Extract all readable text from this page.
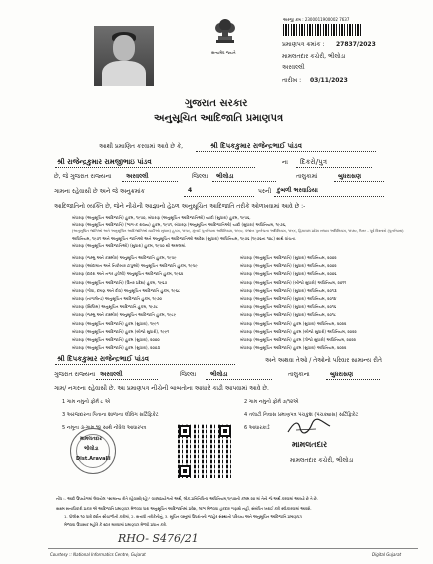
સત્યમેવ જયતે
અરજી ક્રમ : 2300011900002 7637
પ્રમાણપત્ર ક્રમાંક : 27837/2023
મામલતદાર કચેરી, ભીલોડા
અરવલ્લી
તારીખ : 03/11/2023
ગુજરાત સરકાર
અનુસૂચિત આદિજાતિ પ્રમાણપત્ર
આથી પ્રમાણિત કરવામાં આવે છે કે,	શ્રી દિપકકુમાર રાજેન્દ્રભાઈ પાંડવ
શ્રી રાજેન્દ્રકુમાર રામજીભાઇ પાંડવ	ના દિકરો/પુત્ર
છે, જે ગુજરાત રાજ્યના અરવલ્લી	જિલ્લા ભીલોડા	તાલુકામાં	બુધરાસણ
ગામના રહેવાસી છે અને જે અનુક્રમાંક	4	પરની દુબળી ભરવાડિયા
આદિજાતિનો વ્યક્તિ છે, જેને નીચેની આજ્ઞાનો હેઠળ અનુસૂચિત આદિજાતિ તરીકે ઓળખવામાં આવે છે :-
બંધારણ (અનુસૂચિત આદિજાતિ) હુકમ, ૧૯૫૦, બંધારણ (અનુસૂચિત આદિજાતિઓ) યાદી (સુધારા) હુકમ, ૧૯૫૬,
બંધારણ (અનુસૂચિત આદિજાતિ) (ભાગ-ક રાજ્ય) હુકમ, ૧૯૫૧, બંધારણ (અનુસૂચિત આદિજાતિઓ) યાદી (સુધારા) અધિનિયમ, ૧૯૭૬,
(અનુસૂચિત જાતિઓ અને અનુસૂચિત આદિજાતિઓ યાદીઓ સુધારા) હુકમ, ૧૯૫૬, મુંબઈ પુનર્રચના અધિનિયમ, ૧૯૬૦, પંજાબ પુનર્રચના અધિનિયમ, ૧૯૬૬, હિમાચલ પ્રદેશ રાજ્ય અધિનિયમ, ૧૯૭૦, ઉત્તર - પૂર્વ વિસ્તારો (પુનર્રચના)
અધિનિયમ, ૧૯૭૧ અને અનુસૂચિત જાતિઓ અને અનુસૂચિત આદિજાતિઓ આદેશ (સુધારા) અધિનિયમ, ૧૯૭૬ (૧૯૭૬ના ૧૦૮) સાથે વાંચતા.
બંધારણ (અનુસૂચિત આદિજાતિઓ) (સુધારા) હુકમ, ૧૯૫૦ થી અમલમાં.
બંધારણ (જમ્મુ અને કાશ્મીર) અનુસૂચિત આદિજાતિ હુકમ, ૧૯૫૯
બંધારણ (આંદામાન અને નિકોબાર ટાપુઓ) અનુસૂચિત આદિજાતિ હુકમ, ૧૯૫૯
બંધારણ (દાદરા અને નગર હવેલી) અનુસૂચિત આદિજાતિ હુકમ, ૧૯૬૨
બંધારણ (અનુસૂચિત આદિજાતિ) (ઉત્તર પ્રદેશ) હુકમ, ૧૯૬૭
બંધારણ (ગોવા, દમણ અને દીવ) અનુસૂચિત આદિજાતિ હુકમ, ૧૯૬૮
બંધારણ (નાગાલેન્ડ) અનુસૂચિત આદિજાતિ હુકમ, ૧૯૭૦
બંધારણ (સિક્કિમ) અનુસૂચિત આદિજાતિ હુકમ, ૧૯૭૮
બંધારણ (જમ્મુ અને કાશ્મીર) અનુસૂચિત આદિજાતિ હુકમ, ૧૯૮૯
બંધારણ (અનુસૂચિત આદિજાતિ) હુકમ (સુધારા), ૧૯૯૧
બંધારણ (અનુસૂચિત આદિજાતિ) હુકમ (બીજો સુધારો), ૧૯૯૧
બંધારણ (અનુસૂચિત આદિજાતિ) હુકમ (સુધારા), ૨૦૦૦
બંધારણ (અનુસૂચિત આદિજાતિ) હુકમ (સુધારા), ૨૦૦૩
બંધારણ (અનુસૂચિત આદિજાતિ) (સુધારા) અધિનિયમ, ૨૦૦૨
બંધારણ (અનુસૂચિત આદિજાતિ) (સુધારા) અધિનિયમ, ૨૦૦૨
બંધારણ (અનુસૂચિત આદિજાતિ) (સુધારા) અધિનિયમ, ૨૦૦૬
બંધારણ (અનુસૂચિત આદિજાતિ) (બીજો સુધારો) અધિનિયમ, ૨૦૧૧
બંધારણ (અનુસૂચિત આદિજાતિ) (સુધારા) અધિનિયમ, ૨૦૧૩
બંધારણ (અનુસૂચિત આદિજાતિ) (સુધારા) અધિનિયમ, ૨૦૧૪
બંધારણ (અનુસૂચિત આદિજાતિ) (સુધારા) અધિનિયમ, ૨૦૧૬
બંધારણ (અનુસૂચિત આદિજાતિ) (સુધારા) અધિનિયમ, ૨૦૧૮
બંધારણ (અનુસૂચિત આદિજાતિ) હુકમ (સુધારા) અધિનિયમ, ૨૦૨૨
બંધારણ (અનુસૂચિત આદિજાતિ) હુકમ (બીજો સુધારો) અધિનિયમ, ૨૦૨૨
બંધારણ (અનુસૂચિત આદિજાતિ) હુકમ (ત્રીજો સુધારો) અધિનિયમ, ૨૦૨૨
બંધારણ (અનુસૂચિત આદિજાતિ) હુકમ (સુધારા) અધિનિયમ, ૨૦૨૨
શ્રી દિપકકુમાર રાજેન્દ્રભાઈ પાંડવ	અને અથવા તેઓ / તેઓનો પરિવાર સામાન્ય રીતે
ગુજરાત રાજ્યના અરવલ્લી	જિલ્લા ભીલોડા	તાલુકાના	બુધરાસણ
ગામ/ નગરના રહેવાસી છે. આ પ્રમાણપત્ર નીચેની બાબતોના આધારે કાઢી આપવામાં આવે છે.
1 ગામ નમુનો ફોર્મ ૮ એ	2 ગામ નમુનો ફોર્મ ૭/૧૨એ
3 અરજદારના પિતાના શાળાના લીવિંગ સર્ટિફિકેટ	4 તલાટી નિવાસ પ્રમાણપત્ર પંચકુશ (પંચક્યાસ) સર્ટિફિકેટ
5 નમૂના ૩-ગામ ૧૪ સાથે નોંધેલ આધારપત્ર	6 આધારકાર્ડ
મામલતદાર
ભીલોડા
Dist.Aravalli
મામલતદાર
મામલતદાર કચેરી, ભીલોડા
નોંધ :- આદો ઉપયોગમાં લેવાયેલ "સામાન્ય રીતે રહેવાસી(રહે)" વાક્યપ્રયોગનો અર્થ, લોક-પ્રતિનિધિત્વ અધિનિયમ,૧૯૫૦ની કલમ ૨૦ માં તેનો જે અર્થ કરવામાં આવ્યો છે તે છે.
સક્ષમ સત્તાધિકારી પ્રકાર એ આદિજાતિ પ્રમાણપત્ર મેળવવા ધારા અનુસૂચિત આદિજાતિમાં પ્રવેશ, લાભ મેળવવા હકદાર ગણાશે નહીં, સંબંધિત ખરાઈ કરી સ્વીકારવામાં આવશે.
1. પોલીસ ૧૦ ધારો દર્શન સોંચાળીની કરીમાં, 2. સત્તાધી તરીકેનીનું, 3. સૂચિત વસ્તુમાં ઉપરાંતની જાહેર સંસ્થાનો પરિચય અને અનુસૂચિત આદિજાતિ પ્રમાણપત્ર
મેળવવા ઉપાસક મહોરે કે સ્ટાર મારવામાં પ્રમાણપત્ર મેળવો પ્રધાન કરો.
RHO- S476/21
Courtesy :: National Informatics Centre, Gujarat	Digital Gujarat
